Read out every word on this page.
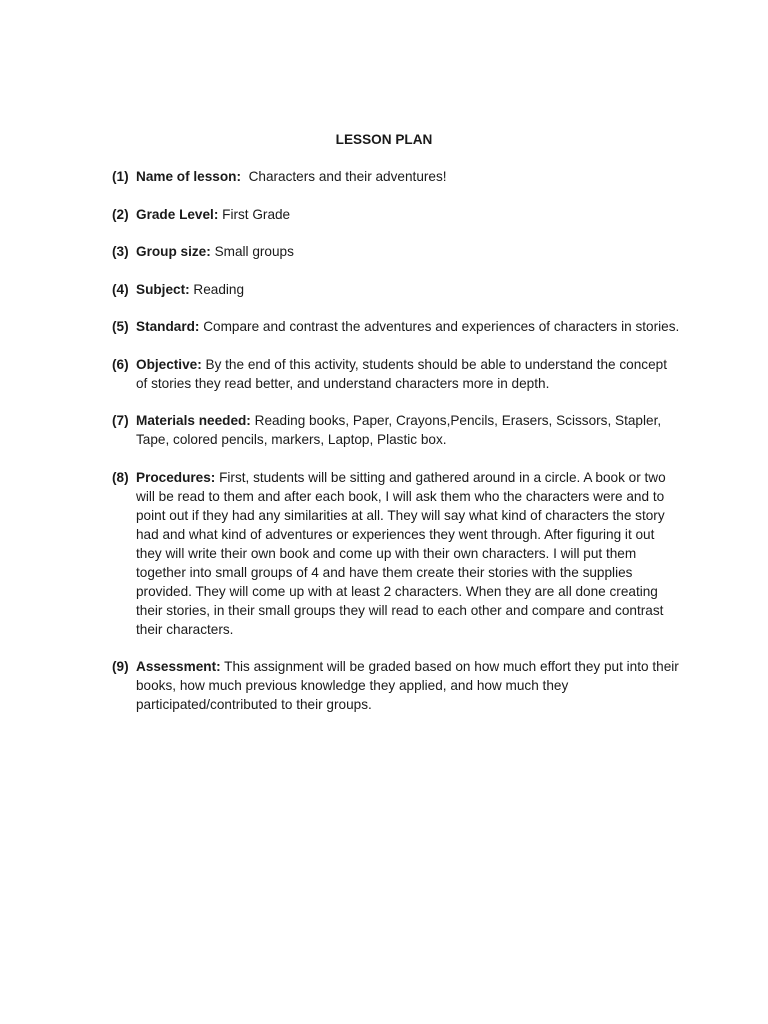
LESSON PLAN
(1) Name of lesson: Characters and their adventures!
(2) Grade Level: First Grade
(3) Group size: Small groups
(4) Subject: Reading
(5) Standard: Compare and contrast the adventures and experiences of characters in stories.
(6) Objective: By the end of this activity, students should be able to understand the concept of stories they read better, and understand characters more in depth.
(7) Materials needed: Reading books, Paper, Crayons,Pencils, Erasers, Scissors, Stapler, Tape, colored pencils, markers, Laptop, Plastic box.
(8) Procedures: First, students will be sitting and gathered around in a circle. A book or two will be read to them and after each book, I will ask them who the characters were and to point out if they had any similarities at all. They will say what kind of characters the story had and what kind of adventures or experiences they went through. After figuring it out they will write their own book and come up with their own characters. I will put them together into small groups of 4 and have them create their stories with the supplies provided. They will come up with at least 2 characters. When they are all done creating their stories, in their small groups they will read to each other and compare and contrast their characters.
(9) Assessment: This assignment will be graded based on how much effort they put into their books, how much previous knowledge they applied, and how much they participated/contributed to their groups.
